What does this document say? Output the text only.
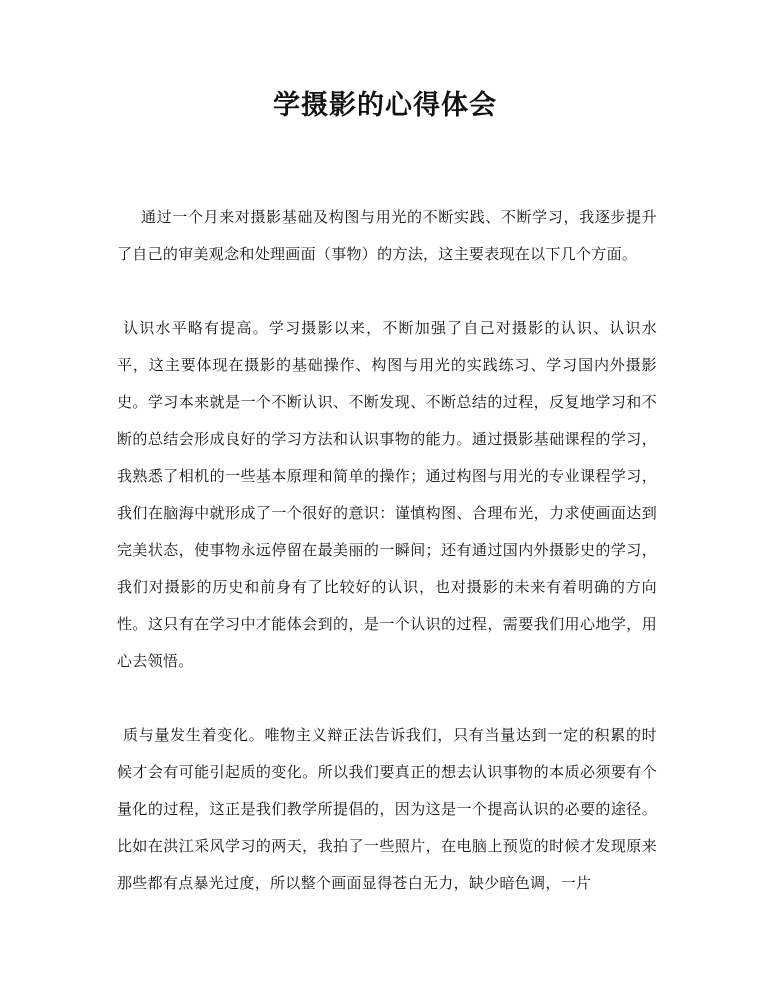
学摄影的心得体会

通过一个月来对摄影基础及构图与用光的不断实践、不断学习，我逐步提升了自己的审美观念和处理画面（事物）的方法，这主要表现在以下几个方面。

认识水平略有提高。学习摄影以来，不断加强了自己对摄影的认识、认识水平，这主要体现在摄影的基础操作、构图与用光的实践练习、学习国内外摄影史。学习本来就是一个不断认识、不断发现、不断总结的过程，反复地学习和不断的总结会形成良好的学习方法和认识事物的能力。通过摄影基础课程的学习，我熟悉了相机的一些基本原理和简单的操作；通过构图与用光的专业课程学习，我们在脑海中就形成了一个很好的意识：谨慎构图、合理布光，力求使画面达到完美状态，使事物永远停留在最美丽的一瞬间；还有通过国内外摄影史的学习，我们对摄影的历史和前身有了比较好的认识，也对摄影的未来有着明确的方向性。这只有在学习中才能体会到的，是一个认识的过程，需要我们用心地学，用心去领悟。

质与量发生着变化。唯物主义辩正法告诉我们，只有当量达到一定的积累的时候才会有可能引起质的变化。所以我们要真正的想去认识事物的本质必须要有个量化的过程，这正是我们教学所提倡的，因为这是一个提高认识的必要的途径。比如在洪江采风学习的两天，我拍了一些照片，在电脑上预览的时候才发现原来那些都有点暴光过度，所以整个画面显得苍白无力，缺少暗色调，一片
